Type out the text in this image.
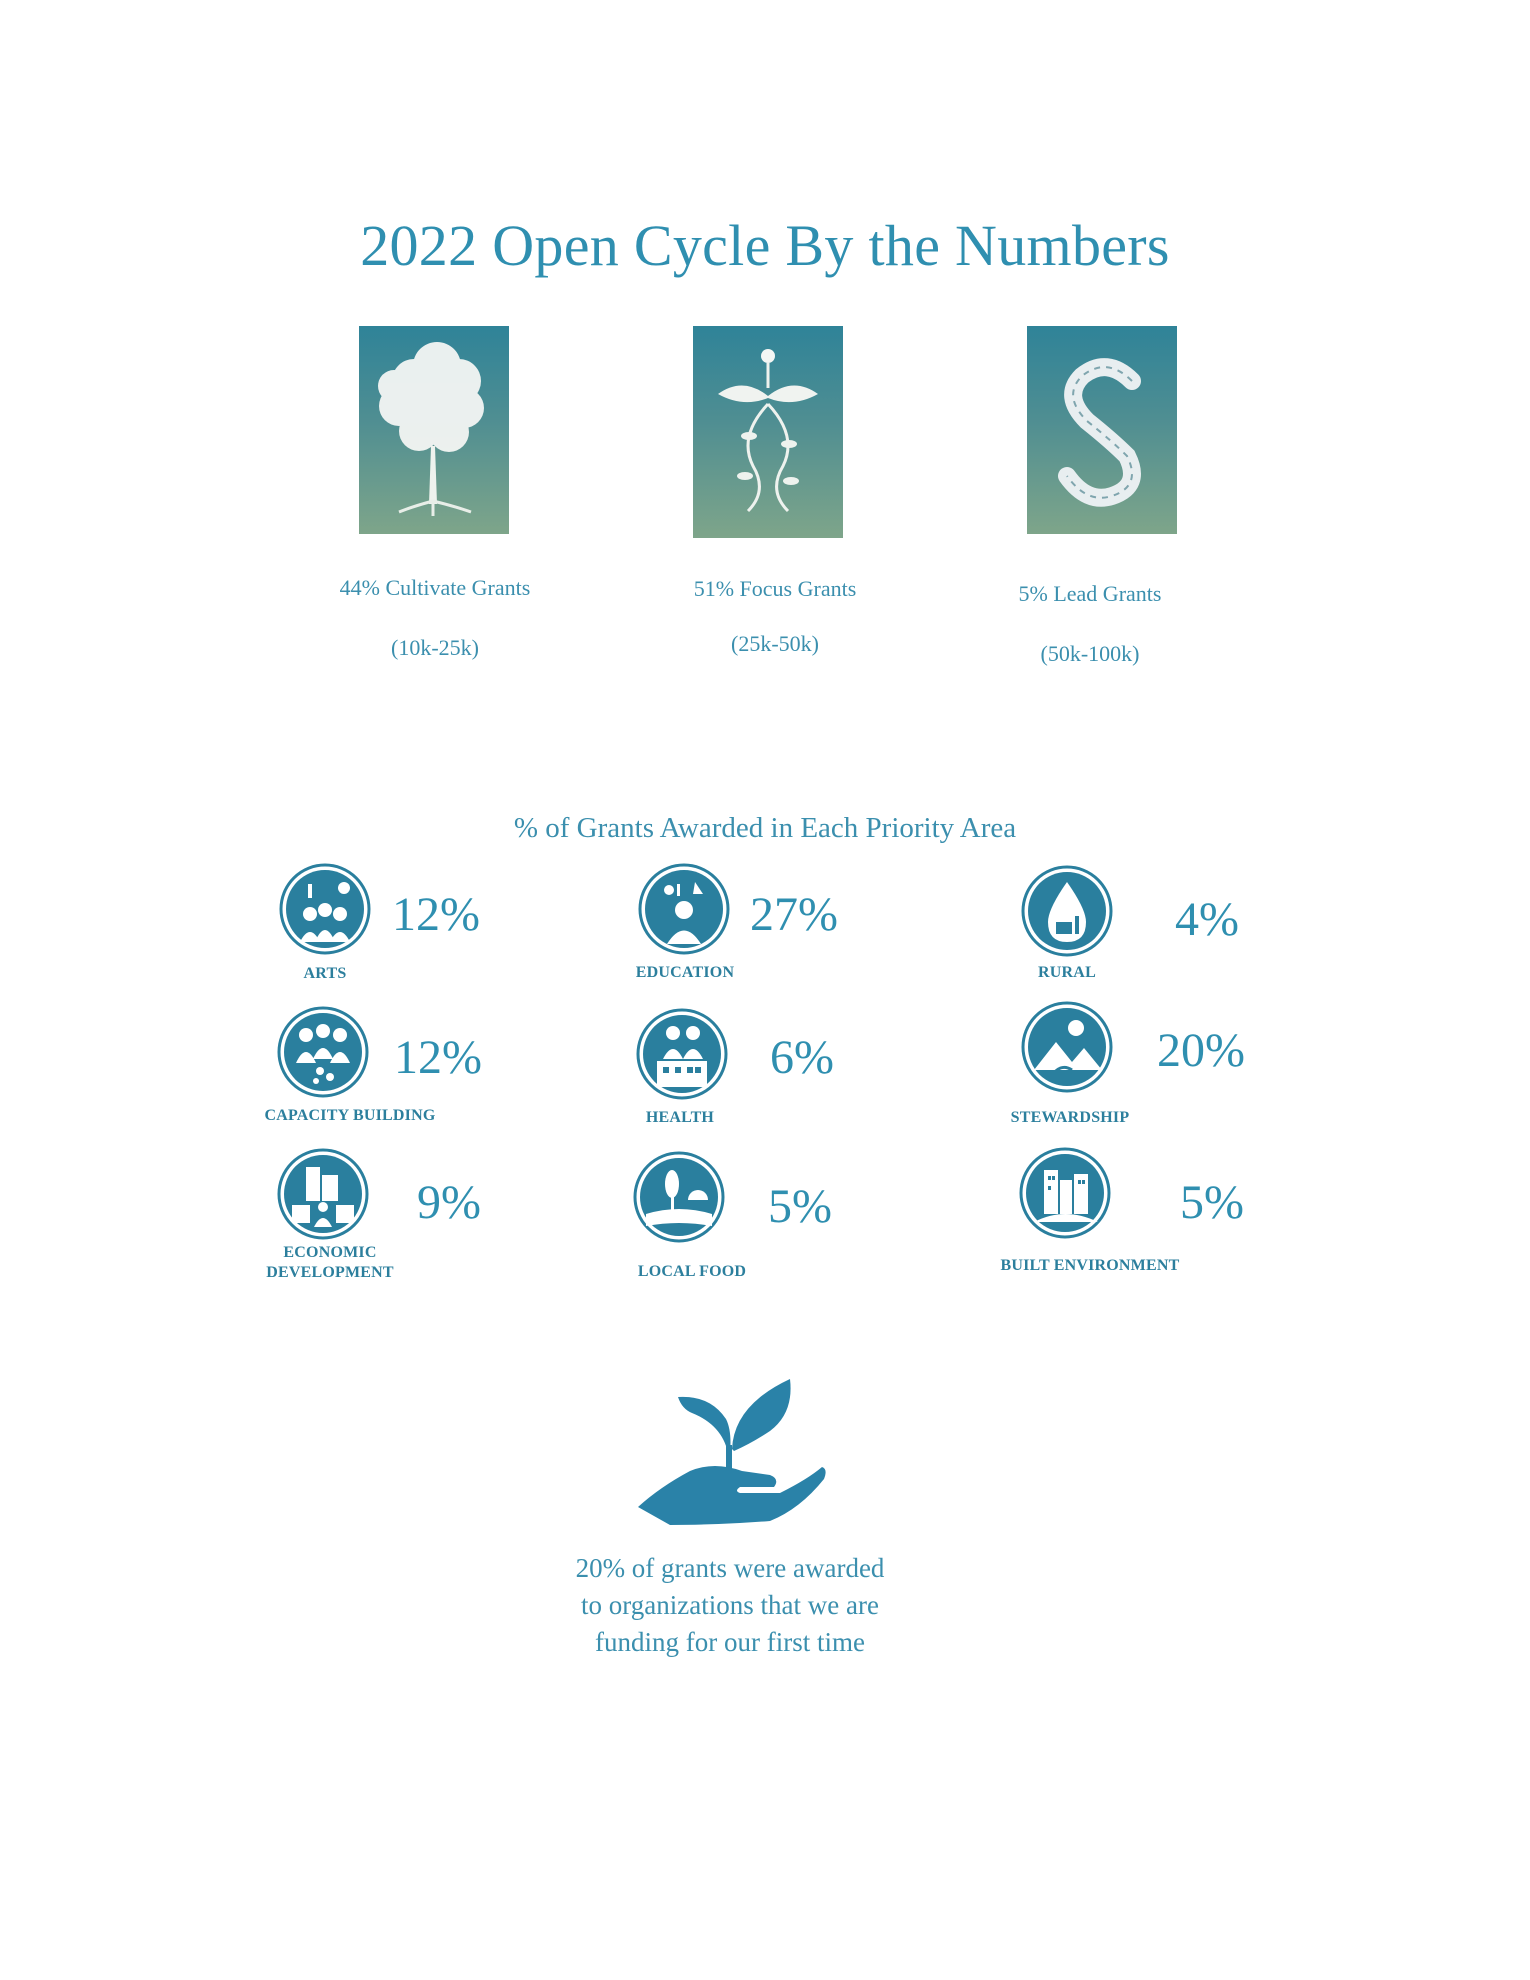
2022 Open Cycle By the Numbers
44% Cultivate Grants
(10k-25k)
51% Focus Grants
(25k-50k)
5% Lead Grants
(50k-100k)
% of Grants Awarded in Each Priority Area
12%
ARTS
27%
EDUCATION
4%
RURAL
12%
CAPACITY BUILDING
6%
HEALTH
20%
STEWARDSHIP
9%
ECONOMIC DEVELOPMENT
5%
LOCAL FOOD
5%
BUILT ENVIRONMENT
20% of grants were awarded to organizations that we are funding for our first time
